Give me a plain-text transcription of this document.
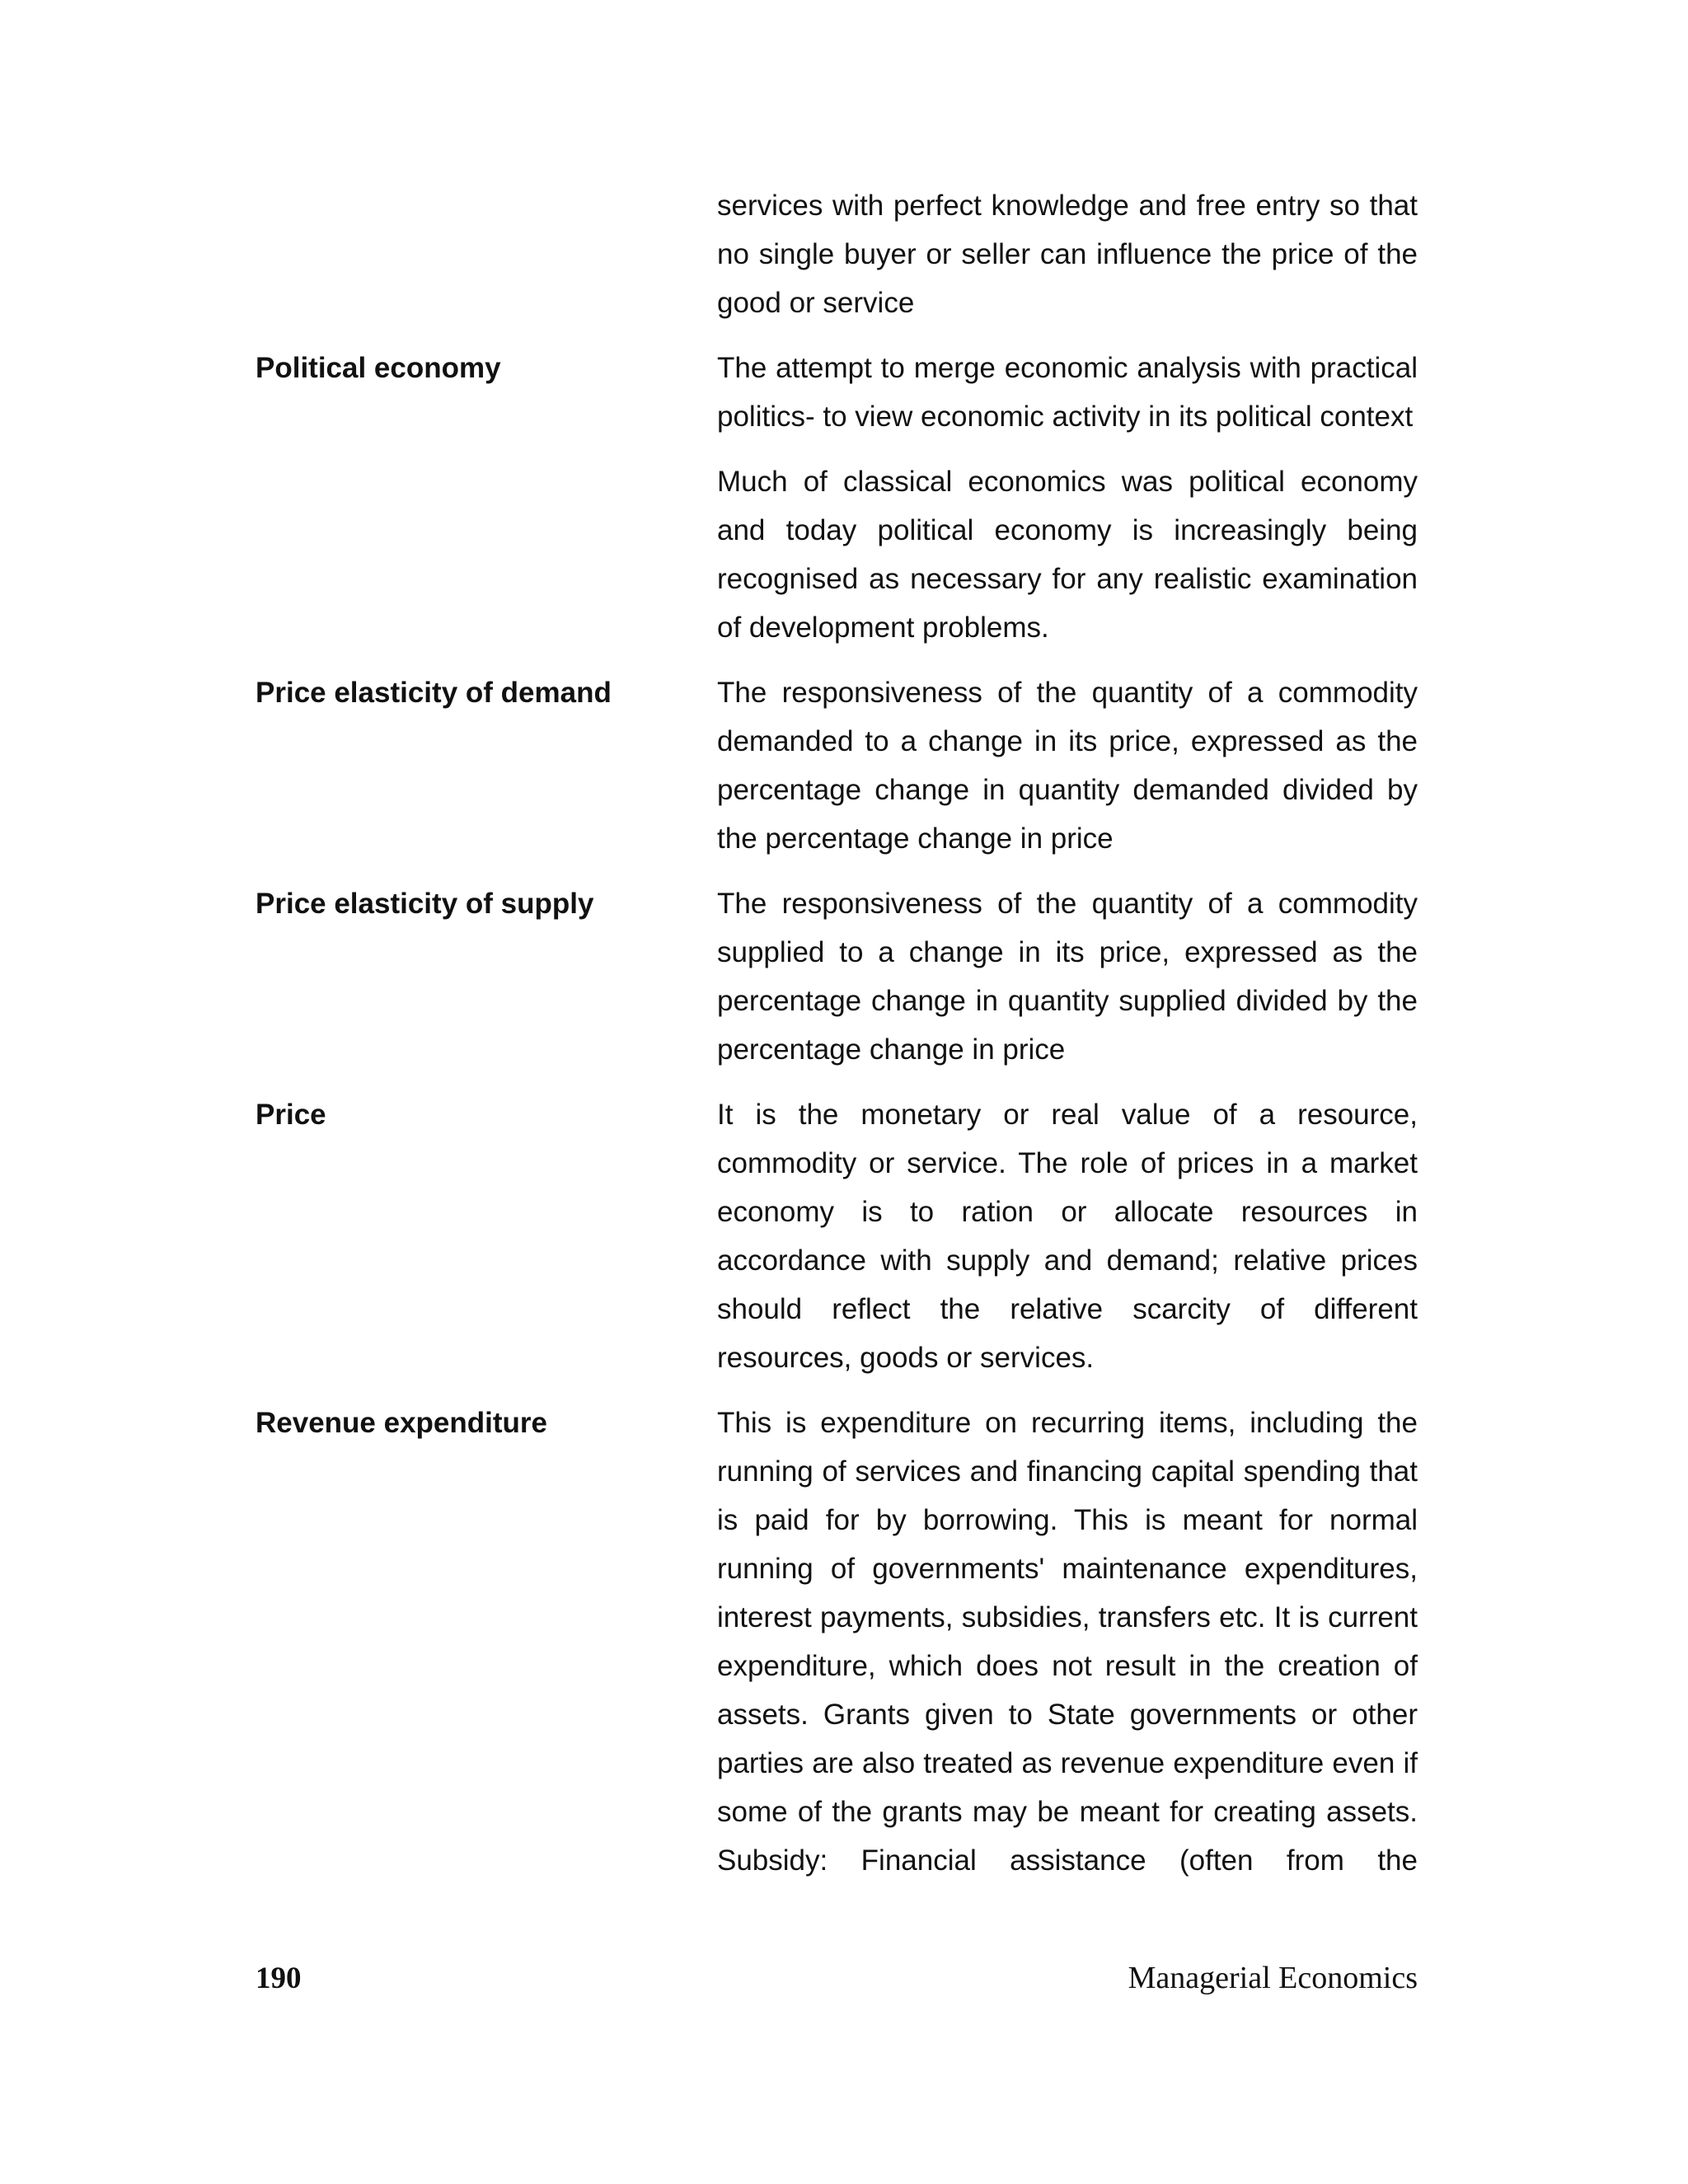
services with perfect knowledge and free entry so that no single buyer or seller can influence the price of the good or service

Political economy	The attempt to merge economic analysis with practical politics- to view economic activity in its political context

Much of classical economics was political economy and today political economy is increasingly being recognised as necessary for any realistic examination of development problems.

Price elasticity of demand	The responsiveness of the quantity of a commodity demanded to a change in its price, expressed as the percentage change in quantity demanded divided by the percentage change in price

Price elasticity of supply	The responsiveness of the quantity of a commodity supplied to a change in its price, expressed as the percentage change in quantity supplied divided by the percentage change in price

Price	It is the monetary or real value of a resource, commodity or service. The role of prices in a market economy is to ration or allocate resources in accordance with supply and demand; relative prices should reflect the relative scarcity of different resources, goods or services.

Revenue expenditure	This is expenditure on recurring items, including the running of services and financing capital spending that is paid for by borrowing. This is meant for normal running of governments' maintenance expenditures, interest payments, subsidies, transfers etc. It is current expenditure, which does not result in the creation of assets. Grants given to State governments or other parties are also treated as revenue expenditure even if some of the grants may be meant for creating assets. Subsidy: Financial assistance (often from the

190	Managerial Economics
